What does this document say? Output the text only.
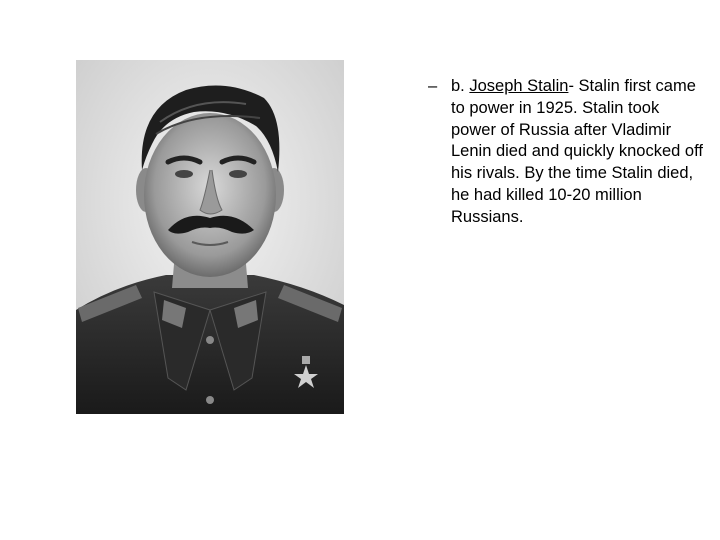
– b. Joseph Stalin- Stalin first came to power in 1925. Stalin took power of Russia after Vladimir Lenin died and quickly knocked off his rivals. By the time Stalin died, he had killed 10-20 million Russians.
